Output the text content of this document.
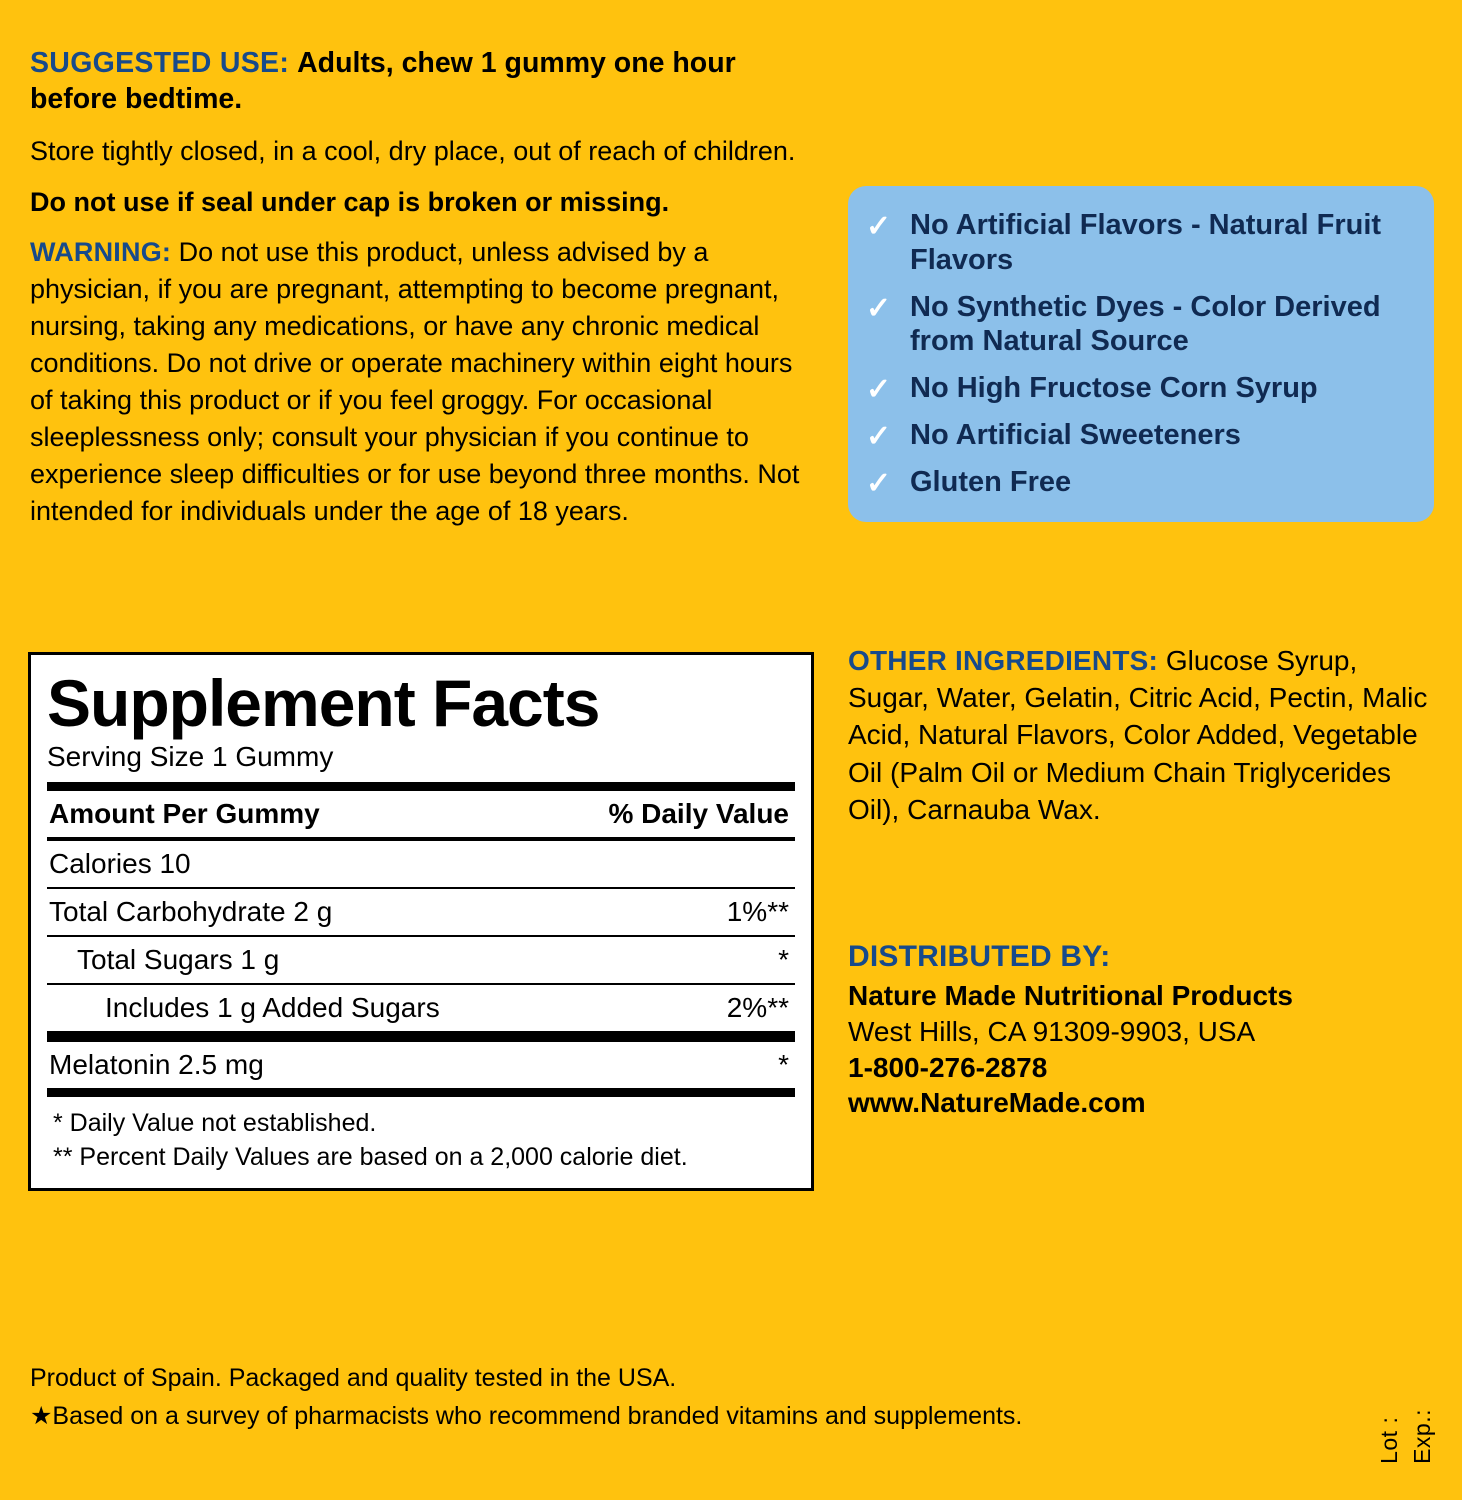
SUGGESTED USE: Adults, chew 1 gummy one hour before bedtime.
Store tightly closed, in a cool, dry place, out of reach of children.
Do not use if seal under cap is broken or missing.
WARNING: Do not use this product, unless advised by a physician, if you are pregnant, attempting to become pregnant, nursing, taking any medications, or have any chronic medical conditions. Do not drive or operate machinery within eight hours of taking this product or if you feel groggy. For occasional sleeplessness only; consult your physician if you continue to experience sleep difficulties or for use beyond three months. Not intended for individuals under the age of 18 years.
Supplement Facts
Serving Size 1 Gummy
Amount Per Gummy	% Daily Value
Calories 10
Total Carbohydrate 2 g	1%**
Total Sugars 1 g	*
Includes 1 g Added Sugars	2%**
Melatonin 2.5 mg	*
* Daily Value not established.
** Percent Daily Values are based on a 2,000 calorie diet.
Product of Spain. Packaged and quality tested in the USA.
★Based on a survey of pharmacists who recommend branded vitamins and supplements.
✓ No Artificial Flavors - Natural Fruit Flavors
✓ No Synthetic Dyes - Color Derived from Natural Source
✓ No High Fructose Corn Syrup
✓ No Artificial Sweeteners
✓ Gluten Free
OTHER INGREDIENTS: Glucose Syrup, Sugar, Water, Gelatin, Citric Acid, Pectin, Malic Acid, Natural Flavors, Color Added, Vegetable Oil (Palm Oil or Medium Chain Triglycerides Oil), Carnauba Wax.
DISTRIBUTED BY:
Nature Made Nutritional Products
West Hills, CA 91309-9903, USA
1-800-276-2878
www.NatureMade.com
Lot : Exp.:
